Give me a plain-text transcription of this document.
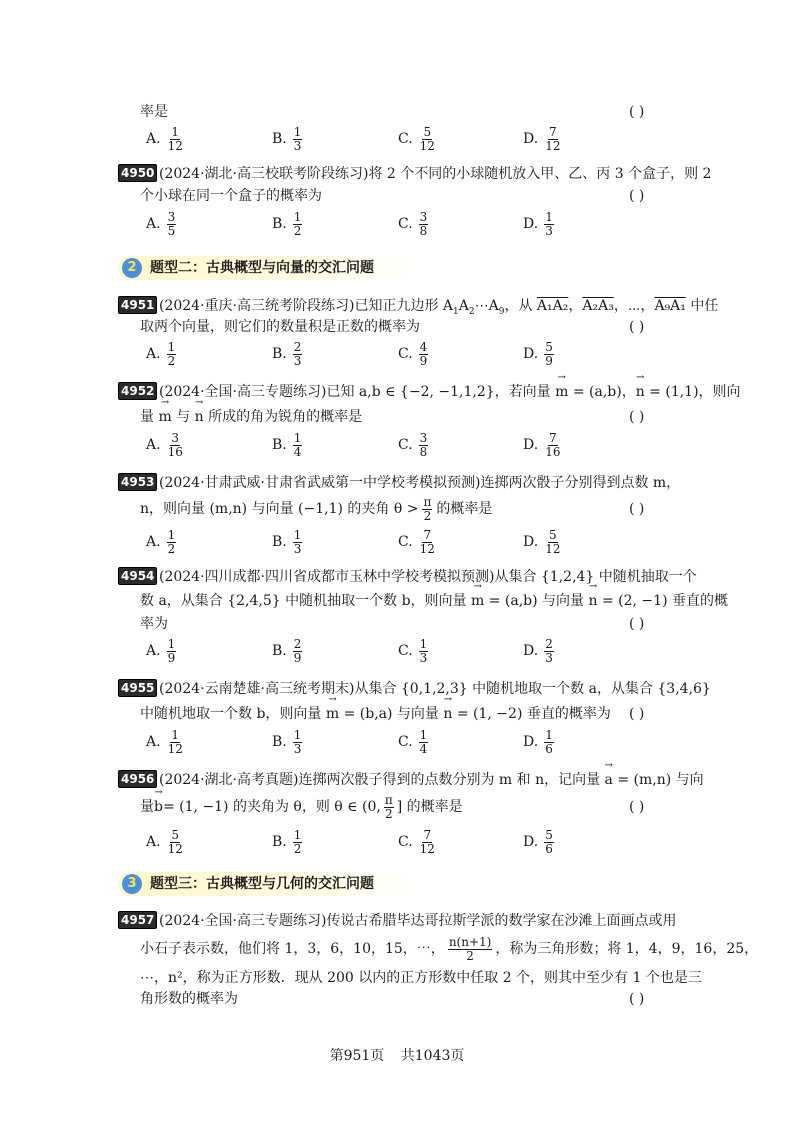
率是	( )
A. $\frac{1}{12}$	B. $\frac{1}{3}$	C. $\frac{5}{12}$	D. $\frac{7}{12}$
4950 (2024·湖北·高三校联考阶段练习)将 2 个不同的小球随机放入甲、乙、丙 3 个盒子，则 2
个小球在同一个盒子的概率为	( )
A. $\frac{3}{5}$	B. $\frac{1}{2}$	C. $\frac{3}{8}$	D. $\frac{1}{3}$
2 题型二：古典概型与向量的交汇问题
4951 (2024·重庆·高三统考阶段练习)已知正九边形 $A_1A_2\cdots A_9$，从 A₁A₂，A₂A₃，⋯，A₉A₁ 中任
取两个向量，则它们的数量积是正数的概率为	( )
A. $\frac{1}{2}$	B. $\frac{2}{3}$	C. $\frac{4}{9}$	D. $\frac{5}{9}$
4952 (2024·全国·高三专题练习)已知 a,b ∈ {−2, −1,1,2}，若向量 → m = (a,b)，→ n = (1,1)，则向
量 → m 与 → n 所成的角为锐角的概率是	( )
A. $\frac{3}{16}$	B. $\frac{1}{4}$	C. $\frac{3}{8}$	D. $\frac{7}{16}$
4953 (2024·甘肃武威·甘肃省武威第一中学校考模拟预测)连掷两次骰子分别得到点数 m，
n，则向量 (m,n) 与向量 (−1,1) 的夹角 $\theta > \frac{\pi}{2}$ 的概率是	( )
A. $\frac{1}{2}$	B. $\frac{1}{3}$	C. $\frac{7}{12}$	D. $\frac{5}{12}$
4954 (2024·四川成都·四川省成都市玉林中学校考模拟预测)从集合 {1,2,4} 中随机抽取一个
数 a，从集合 {2,4,5} 中随机抽取一个数 b，则向量 → m = (a,b) 与向量 → n = (2, −1) 垂直的概
率为	( )
A. $\frac{1}{9}$	B. $\frac{2}{9}$	C. $\frac{1}{3}$	D. $\frac{2}{3}$
4955 (2024·云南楚雄·高三统考期末)从集合 {0,1,2,3} 中随机地取一个数 a，从集合 {3,4,6}
中随机地取一个数 b，则向量 → m = (b,a) 与向量 → n = (1, −2) 垂直的概率为 ( )
A. $\frac{1}{12}$	B. $\frac{1}{3}$	C. $\frac{1}{4}$	D. $\frac{1}{6}$
4956 (2024·湖北·高考真题)连掷两次骰子得到的点数分别为 m 和 n，记向量 → a = (m,n) 与向
量 → b = (1, −1) 的夹角为 θ，则 θ ∈ (0, $\frac{\pi}{2}$ ] 的概率是	( )
A. $\frac{5}{12}$	B. $\frac{1}{2}$	C. $\frac{7}{12}$	D. $\frac{5}{6}$
3 题型三：古典概型与几何的交汇问题
4957 (2024·全国·高三专题练习)传说古希腊毕达哥拉斯学派的数学家在沙滩上面画点或用
小石子表示数，他们将 1，3，6，10，15，⋯， $\frac{n(n+1)}{2}$ ，称为三角形数；将 1，4，9，16，25，
⋯，n²，称为正方形数．现从 200 以内的正方形数中任取 2 个，则其中至少有 1 个也是三
角形数的概率为	( )
第951页 共1043页
